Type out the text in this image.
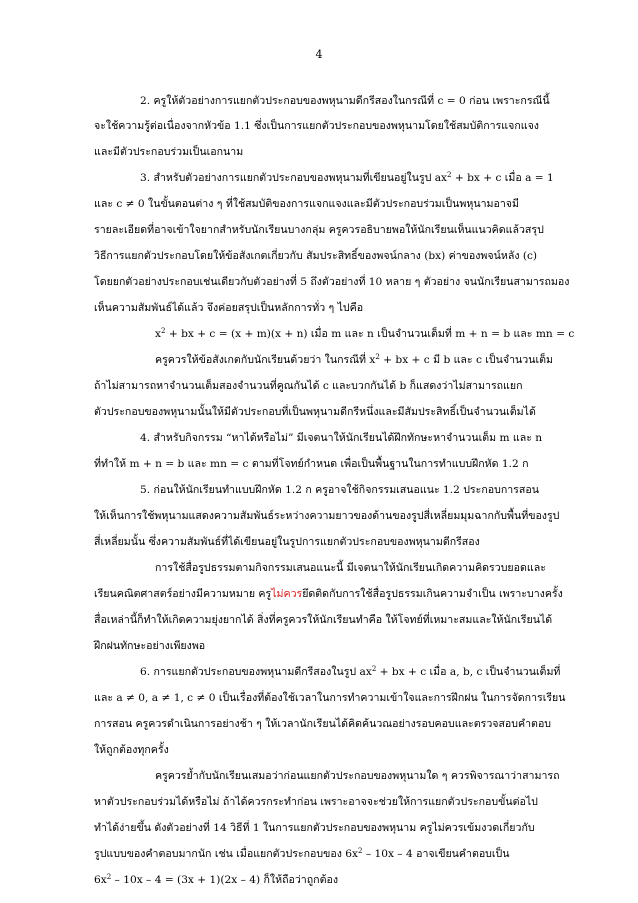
4
2. ครูให้ตัวอย่างการแยกตัวประกอบของพหุนามดีกรีสองในกรณีที่ c = 0 ก่อน เพราะกรณีนี้
จะใช้ความรู้ต่อเนื่องจากหัวข้อ 1.1 ซึ่งเป็นการแยกตัวประกอบของพหุนามโดยใช้สมบัติการแจกแจง
และมีตัวประกอบร่วมเป็นเอกนาม
3. สำหรับตัวอย่างการแยกตัวประกอบของพหุนามที่เขียนอยู่ในรูป $ax^2$ + bx + c เมื่อ a = 1
และ c ≠ 0 ในขั้นตอนต่าง ๆ ที่ใช้สมบัติของการแจกแจงและมีตัวประกอบร่วมเป็นพหุนามอาจมี
รายละเอียดที่อาจเข้าใจยากสำหรับนักเรียนบางกลุ่ม ครูควรอธิบายพอให้นักเรียนเห็นแนวคิดแล้วสรุป
วิธีการแยกตัวประกอบโดยให้ข้อสังเกตเกี่ยวกับ สัมประสิทธิ์ของพจน์กลาง (bx) ค่าของพจน์หลัง (c)
โดยยกตัวอย่างประกอบเช่นเดียวกับตัวอย่างที่ 5 ถึงตัวอย่างที่ 10 หลาย ๆ ตัวอย่าง จนนักเรียนสามารถมอง
เห็นความสัมพันธ์ได้แล้ว จึงค่อยสรุปเป็นหลักการทั่ว ๆ ไปคือ
$x^2$ + bx + c = (x + m)(x + n) เมื่อ m และ n เป็นจำนวนเต็มที่ m + n = b และ mn = c
ครูควรให้ข้อสังเกตกับนักเรียนด้วยว่า ในกรณีที่ $x^2$ + bx + c มี b และ c เป็นจำนวนเต็ม
ถ้าไม่สามารถหาจำนวนเต็มสองจำนวนที่คูณกันได้ c และบวกกันได้ b ก็แสดงว่าไม่สามารถแยก
ตัวประกอบของพหุนามนั้นให้มีตัวประกอบที่เป็นพหุนามดีกรีหนึ่งและมีสัมประสิทธิ์เป็นจำนวนเต็มได้
4. สำหรับกิจกรรม “หาได้หรือไม่” มีเจตนาให้นักเรียนได้ฝึกทักษะหาจำนวนเต็ม m และ n
ที่ทำให้ m + n = b และ mn = c ตามที่โจทย์กำหนด เพื่อเป็นพื้นฐานในการทำแบบฝึกหัด 1.2 ก
5. ก่อนให้นักเรียนทำแบบฝึกหัด 1.2 ก ครูอาจใช้กิจกรรมเสนอแนะ 1.2 ประกอบการสอน
ให้เห็นการใช้พหุนามแสดงความสัมพันธ์ระหว่างความยาวของด้านของรูปสี่เหลี่ยมมุมฉากกับพื้นที่ของรูป
สี่เหลี่ยมนั้น ซึ่งความสัมพันธ์ที่ได้เขียนอยู่ในรูปการแยกตัวประกอบของพหุนามดีกรีสอง
การใช้สื่อรูปธรรมตามกิจกรรมเสนอแนะนี้ มีเจตนาให้นักเรียนเกิดความคิดรวบยอดและ
เรียนคณิตศาสตร์อย่างมีความหมาย ครูไม่ควรยึดติดกับการใช้สื่อรูปธรรมเกินความจำเป็น เพราะบางครั้ง
สื่อเหล่านี้ก็ทำให้เกิดความยุ่งยากได้ สิ่งที่ครูควรให้นักเรียนทำคือ ให้โจทย์ที่เหมาะสมและให้นักเรียนได้
ฝึกฝนทักษะอย่างเพียงพอ
6. การแยกตัวประกอบของพหุนามดีกรีสองในรูป $ax^2$ + bx + c เมื่อ a, b, c เป็นจำนวนเต็มที่
และ a ≠ 0, a ≠ 1, c ≠ 0 เป็นเรื่องที่ต้องใช้เวลาในการทำความเข้าใจและการฝึกฝน ในการจัดการเรียน
การสอน ครูควรดำเนินการอย่างช้า ๆ ให้เวลานักเรียนได้คิดค้นวณอย่างรอบคอบและตรวจสอบคำตอบ
ให้ถูกต้องทุกครั้ง
ครูควรย้ำกับนักเรียนเสมอว่าก่อนแยกตัวประกอบของพหุนามใด ๆ ควรพิจารณาว่าสามารถ
หาตัวประกอบร่วมได้หรือไม่ ถ้าได้ควรกระทำก่อน เพราะอาจจะช่วยให้การแยกตัวประกอบขั้นต่อไป
ทำได้ง่ายขึ้น ดังตัวอย่างที่ 14 วิธีที่ 1 ในการแยกตัวประกอบของพหุนาม ครูไม่ควรเข้มงวดเกี่ยวกับ
รูปแบบของคำตอบมากนัก เช่น เมื่อแยกตัวประกอบของ $6x^2 - 10x - 4$ อาจเขียนคำตอบเป็น
$6x^2 - 10x - 4 = (3x + 1)(2x - 4)$ ก็ให้ถือว่าถูกต้อง
